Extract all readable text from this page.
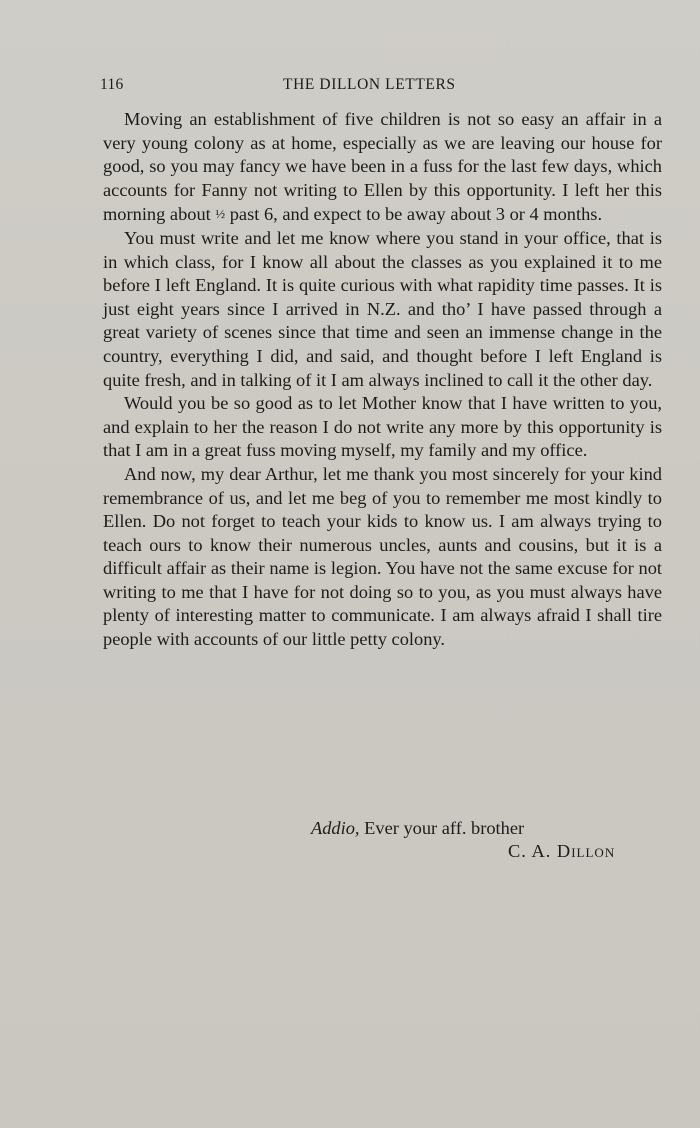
116	THE DILLON LETTERS

Moving an establishment of five children is not so easy an affair in a very young colony as at home, especially as we are leaving our house for good, so you may fancy we have been in a fuss for the last few days, which accounts for Fanny not writing to Ellen by this opportunity. I left her this morning about ½ past 6, and expect to be away about 3 or 4 months.

You must write and let me know where you stand in your office, that is in which class, for I know all about the classes as you explained it to me before I left England. It is quite curious with what rapidity time passes. It is just eight years since I arrived in N.Z. and tho’ I have passed through a great variety of scenes since that time and seen an immense change in the country, everything I did, and said, and thought before I left England is quite fresh, and in talking of it I am always inclined to call it the other day.

Would you be so good as to let Mother know that I have written to you, and explain to her the reason I do not write any more by this opportunity is that I am in a great fuss moving myself, my family and my office.

And now, my dear Arthur, let me thank you most sincerely for your kind remembrance of us, and let me beg of you to remember me most kindly to Ellen. Do not forget to teach your kids to know us. I am always trying to teach ours to know their numerous uncles, aunts and cousins, but it is a difficult affair as their name is legion. You have not the same excuse for not writing to me that I have for not doing so to you, as you must always have plenty of interesting matter to communicate. I am always afraid I shall tire people with accounts of our little petty colony.

Addio, Ever your aff. brother
C. A. Dillon
